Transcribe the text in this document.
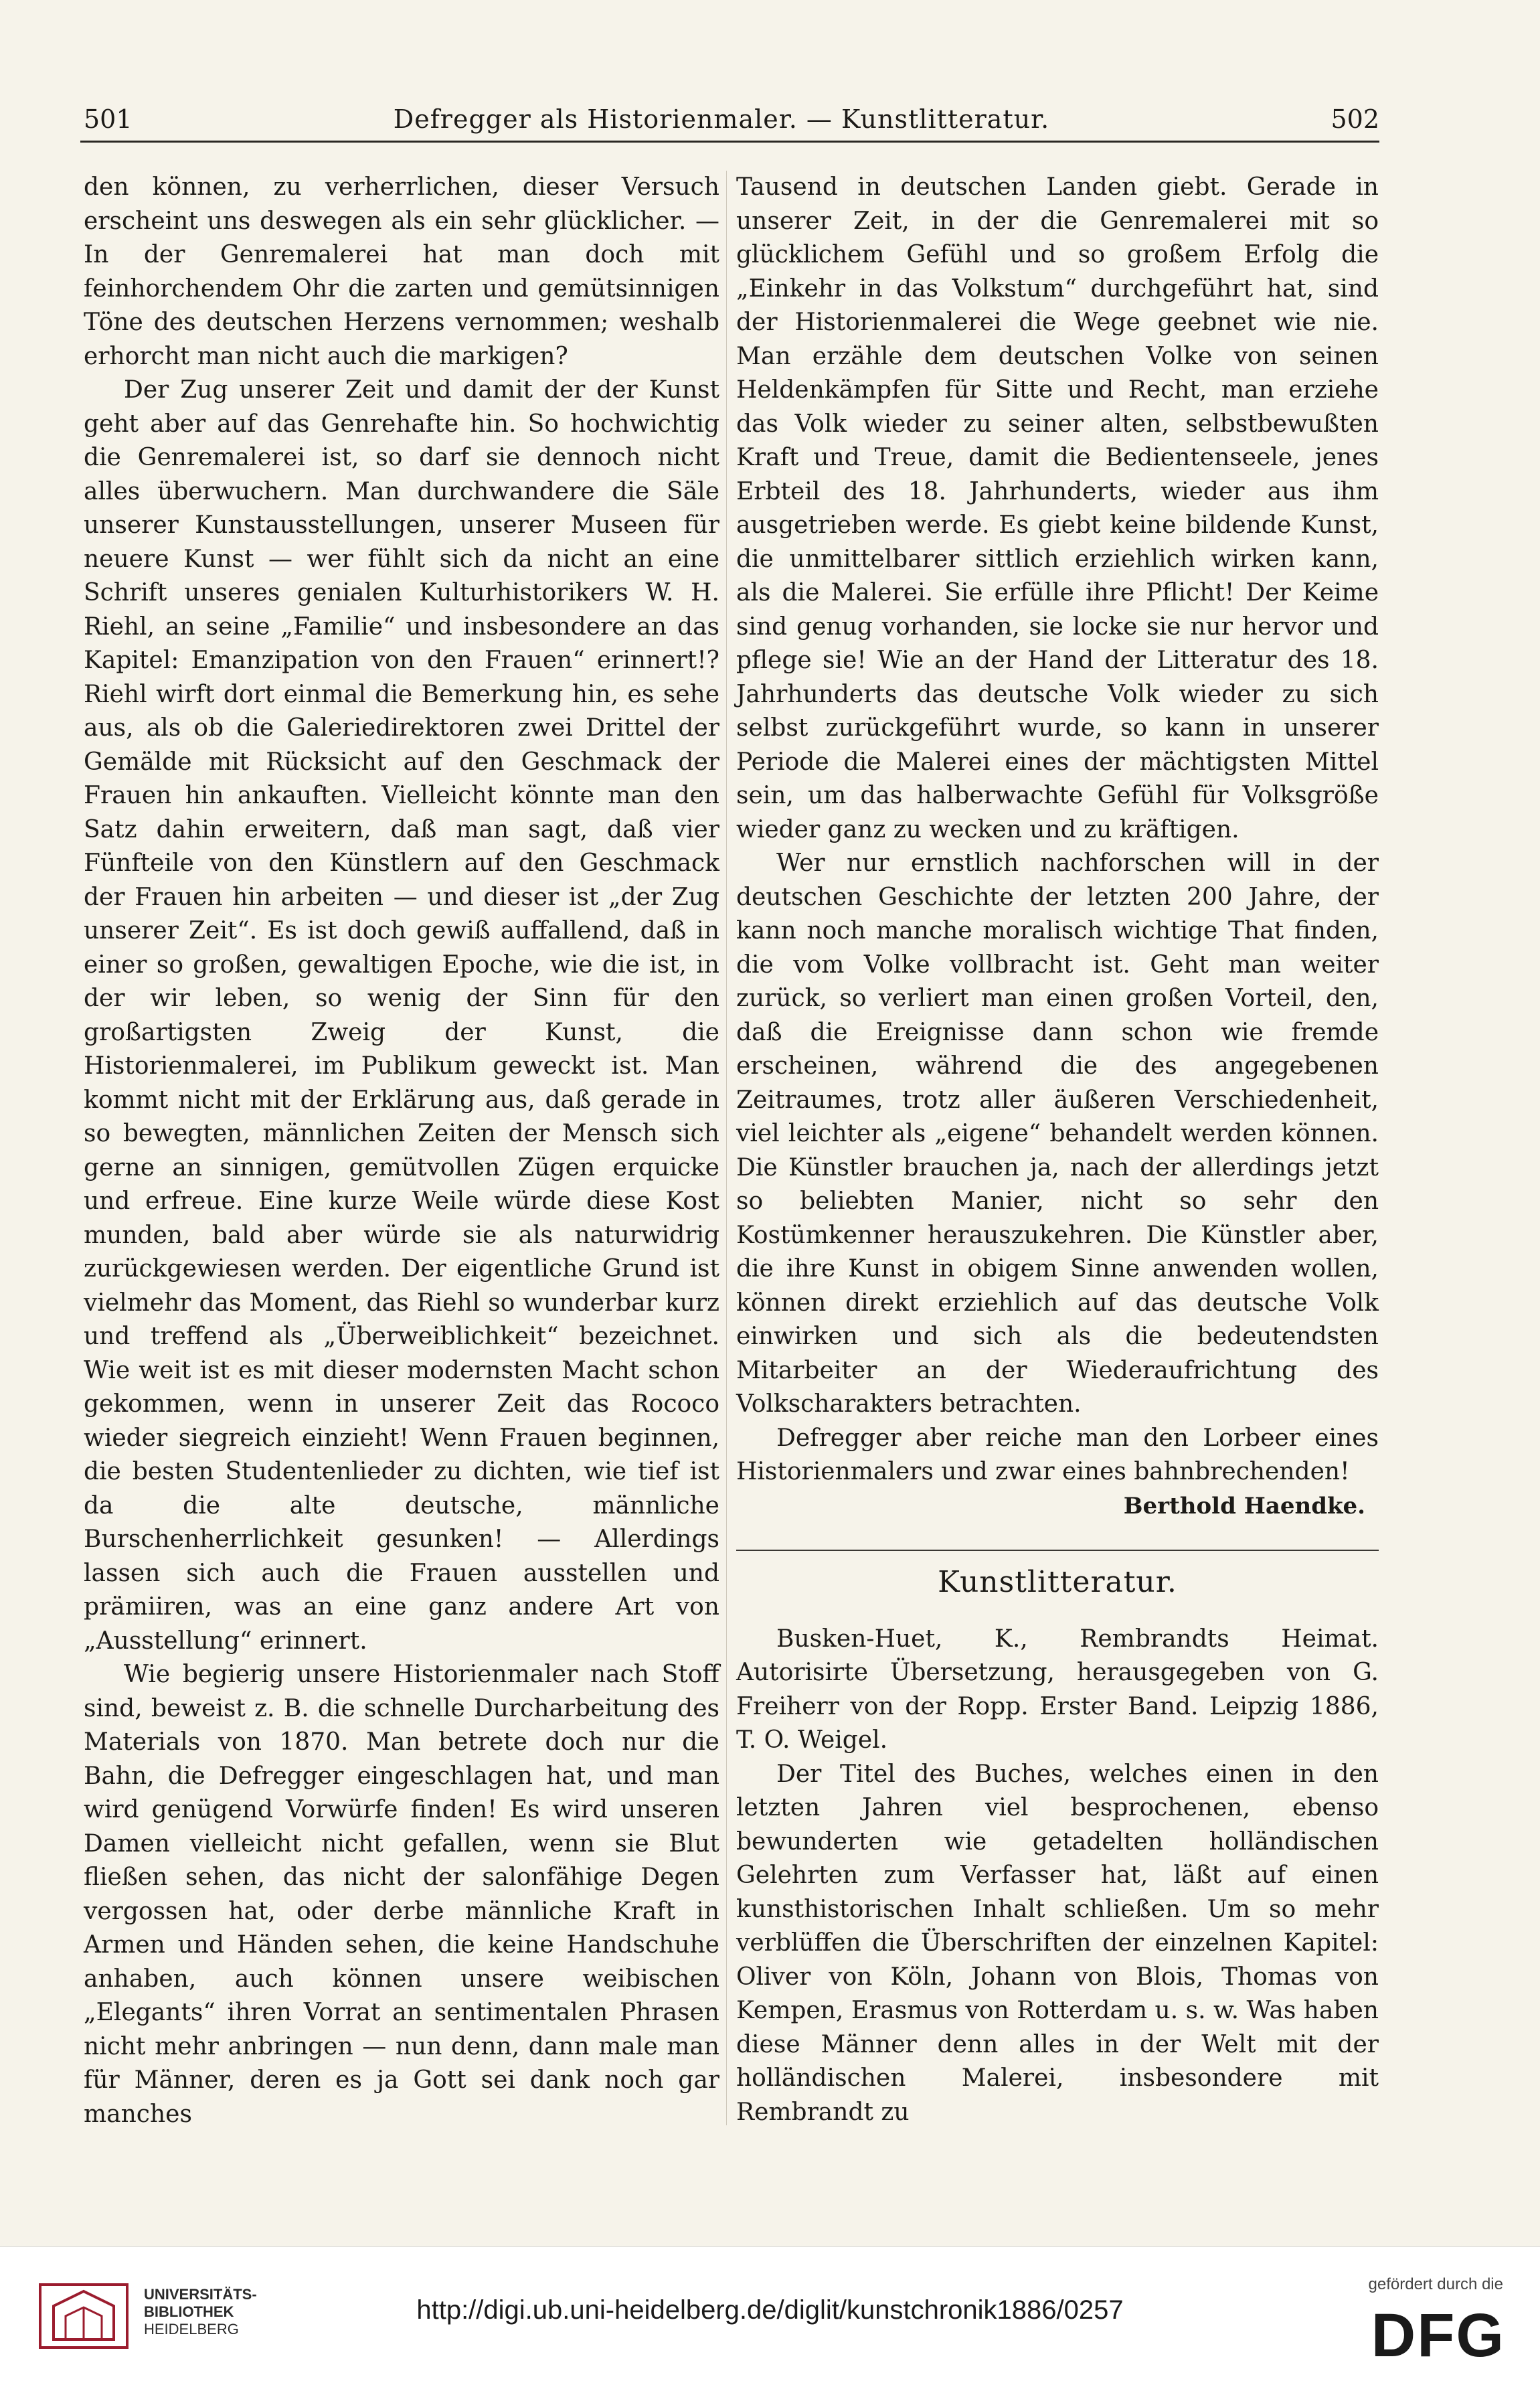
501	Defregger als Historienmaler. — Kunstlitteratur.	502

den können, zu verherrlichen, dieser Versuch erscheint uns deswegen als ein sehr glücklicher. — In der Genremalerei hat man doch mit feinhorchendem Ohr die zarten und gemütsinnigen Töne des deutschen Herzens vernommen; weshalb erhorcht man nicht auch die markigen?

Der Zug unserer Zeit und damit der der Kunst geht aber auf das Genrehafte hin. So hochwichtig die Genremalerei ist, so darf sie dennoch nicht alles überwuchern. Man durchwandere die Säle unserer Kunstausstellungen, unserer Museen für neuere Kunst — wer fühlt sich da nicht an eine Schrift unseres genialen Kulturhistorikers W. H. Riehl, an seine „Familie“ und insbesondere an das Kapitel: Emanzipation von den Frauen“ erinnert!? Riehl wirft dort einmal die Bemerkung hin, es sehe aus, als ob die Galeriedirektoren zwei Drittel der Gemälde mit Rücksicht auf den Geschmack der Frauen hin ankauften. Vielleicht könnte man den Satz dahin erweitern, daß man sagt, daß vier Fünfteile von den Künstlern auf den Geschmack der Frauen hin arbeiten — und dieser ist „der Zug unserer Zeit“. Es ist doch gewiß auffallend, daß in einer so großen, gewaltigen Epoche, wie die ist, in der wir leben, so wenig der Sinn für den großartigsten Zweig der Kunst, die Historienmalerei, im Publikum geweckt ist. Man kommt nicht mit der Erklärung aus, daß gerade in so bewegten, männlichen Zeiten der Mensch sich gerne an sinnigen, gemütvollen Zügen erquicke und erfreue. Eine kurze Weile würde diese Kost munden, bald aber würde sie als naturwidrig zurückgewiesen werden. Der eigentliche Grund ist vielmehr das Moment, das Riehl so wunderbar kurz und treffend als „Überweiblichkeit“ bezeichnet. Wie weit ist es mit dieser modernsten Macht schon gekommen, wenn in unserer Zeit das Rococo wieder siegreich einzieht! Wenn Frauen beginnen, die besten Studentenlieder zu dichten, wie tief ist da die alte deutsche, männliche Burschenherrlichkeit gesunken! — Allerdings lassen sich auch die Frauen ausstellen und prämiiren, was an eine ganz andere Art von „Ausstellung“ erinnert.

Wie begierig unsere Historienmaler nach Stoff sind, beweist z. B. die schnelle Durcharbeitung des Materials von 1870. Man betrete doch nur die Bahn, die Defregger eingeschlagen hat, und man wird genügend Vorwürfe finden! Es wird unseren Damen vielleicht nicht gefallen, wenn sie Blut fließen sehen, das nicht der salonfähige Degen vergossen hat, oder derbe männliche Kraft in Armen und Händen sehen, die keine Handschuhe anhaben, auch können unsere weibischen „Elegants“ ihren Vorrat an sentimentalen Phrasen nicht mehr anbringen — nun denn, dann male man für Männer, deren es ja Gott sei dank noch gar manches

Tausend in deutschen Landen giebt. Gerade in unserer Zeit, in der die Genremalerei mit so glücklichem Gefühl und so großem Erfolg die „Einkehr in das Volkstum“ durchgeführt hat, sind der Historienmalerei die Wege geebnet wie nie. Man erzähle dem deutschen Volke von seinen Heldenkämpfen für Sitte und Recht, man erziehe das Volk wieder zu seiner alten, selbstbewußten Kraft und Treue, damit die Bedientenseele, jenes Erbteil des 18. Jahrhunderts, wieder aus ihm ausgetrieben werde. Es giebt keine bildende Kunst, die unmittelbarer sittlich erziehlich wirken kann, als die Malerei. Sie erfülle ihre Pflicht! Der Keime sind genug vorhanden, sie locke sie nur hervor und pflege sie! Wie an der Hand der Litteratur des 18. Jahrhunderts das deutsche Volk wieder zu sich selbst zurückgeführt wurde, so kann in unserer Periode die Malerei eines der mächtigsten Mittel sein, um das halberwachte Gefühl für Volksgröße wieder ganz zu wecken und zu kräftigen.

Wer nur ernstlich nachforschen will in der deutschen Geschichte der letzten 200 Jahre, der kann noch manche moralisch wichtige That finden, die vom Volke vollbracht ist. Geht man weiter zurück, so verliert man einen großen Vorteil, den, daß die Ereignisse dann schon wie fremde erscheinen, während die des angegebenen Zeitraumes, trotz aller äußeren Verschiedenheit, viel leichter als „eigene“ behandelt werden können. Die Künstler brauchen ja, nach der allerdings jetzt so beliebten Manier, nicht so sehr den Kostümkenner herauszukehren. Die Künstler aber, die ihre Kunst in obigem Sinne anwenden wollen, können direkt erziehlich auf das deutsche Volk einwirken und sich als die bedeutendsten Mitarbeiter an der Wiederaufrichtung des Volkscharakters betrachten.

Defregger aber reiche man den Lorbeer eines Historienmalers und zwar eines bahnbrechenden!

Berthold Haendke.
Kunstlitteratur.

Busken-Huet, K., Rembrandts Heimat. Autorisirte Übersetzung, herausgegeben von G. Freiherr von der Ropp. Erster Band. Leipzig 1886, T. O. Weigel.

Der Titel des Buches, welches einen in den letzten Jahren viel besprochenen, ebenso bewunderten wie getadelten holländischen Gelehrten zum Verfasser hat, läßt auf einen kunsthistorischen Inhalt schließen. Um so mehr verblüffen die Überschriften der einzelnen Kapitel: Oliver von Köln, Johann von Blois, Thomas von Kempen, Erasmus von Rotterdam u. s. w. Was haben diese Männer denn alles in der Welt mit der holländischen Malerei, insbesondere mit Rembrandt zu

UNIVERSITÄTS-
BIBLIOTHEK
HEIDELBERG
http://digi.ub.uni-heidelberg.de/diglit/kunstchronik1886/0257
gefördert durch die
DFG
